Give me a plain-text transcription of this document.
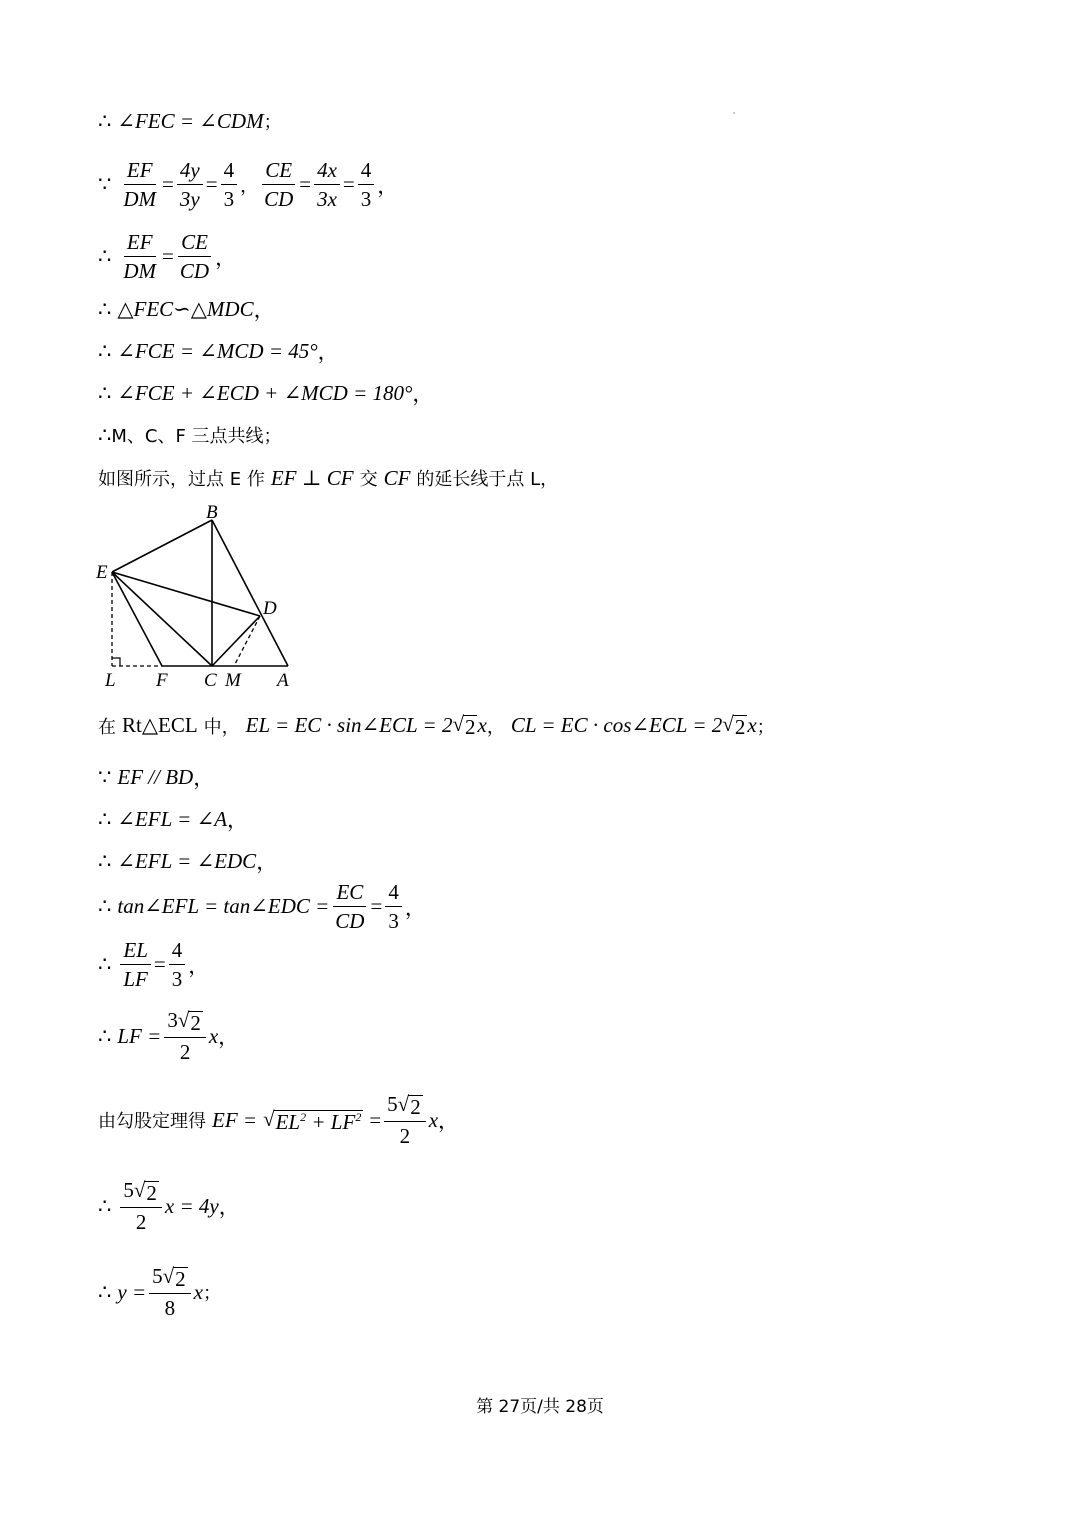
∴ ∠FEC = ∠CDM ；
∵ $\frac{EF}{DM} = \frac{4y}{3y} = \frac{4}{3}$ ， $\frac{CE}{CD} = \frac{4x}{3x} = \frac{4}{3}$ ，
∴ $\frac{EF}{DM} = \frac{CE}{CD}$ ，
∴ △FEC∽△MDC ，
∴ ∠FCE = ∠MCD = 45° ，
∴ ∠FCE + ∠ECD + ∠MCD = 180° ，
∴ M、C、F 三点共线；
如图所示，过点 E 作 EF ⊥ CF 交 CF 的延长线于点 L，
B
E
D
L F C M A
在 Rt△ECL 中， EL = EC · sin∠ECL = 2 √ 2 x ， CL = EC · cos∠ECL = 2 √ 2 x ；
∵ EF // BD ，
∴ ∠EFL = ∠A ，
∴ ∠EFL = ∠EDC ，
∴ tan∠EFL = tan∠EDC = $\frac{EC}{CD} = \frac{4}{3}$ ，
∴ $\frac{EL}{LF} = \frac{4}{3}$ ，
∴ LF = $\frac{3 √ 2}{2}$ x ，
由勾股定理得 EF = √ $EL^2 + LF^2 = \frac{5 √ 2}{2}$ x ，
∴ $\frac{5 √ 2}{2}$ x = 4y ，
∴ $y = \frac{5 √ 2}{8}$ x ；
第 27页/共 28页
